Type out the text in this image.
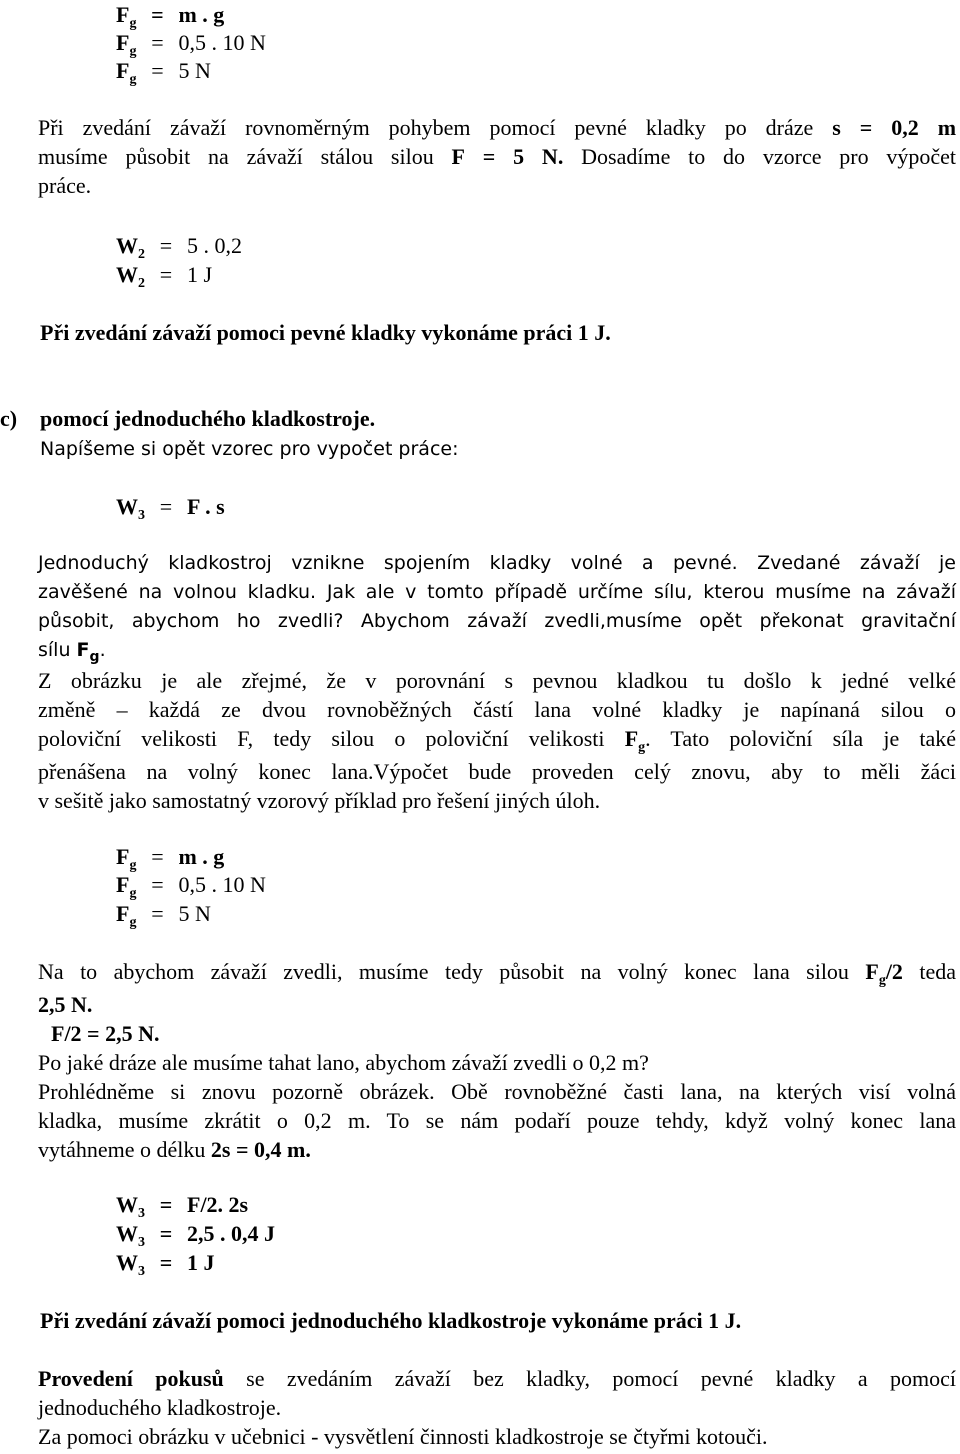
$F_g = m$ . g
$F_g = 0,5$ . 10 N
$F_g = 5$ N

Při zvedání závaží rovnoměrným pohybem pomocí pevné kladky po dráze s = 0,2 m

musíme působit na závaží stálou silou F = 5 N. Dosadíme to do vzorce pro výpočet

práce.

$W_2 = 5$ . 0,2
$W_2 = 1$ J
Při zvedání závaží pomoci pevné kladky vykonáme práci 1 J.
c) pomocí jednoduchého kladkostroje.
Napíšeme si opět vzorec pro vypočet práce:
$W_3 = F$ . s

Jednoduchý kladkostroj vznikne spojením kladky volné a pevné. Zvedané závaží je

zavěšené na volnou kladku. Jak ale v tomto případě určíme sílu, kterou musíme na závaží

působit, abychom ho zvedli? Abychom závaží zvedli,musíme opět překonat gravitační

sílu $F_g$.

Z obrázku je ale zřejmé, že v porovnání s pevnou kladkou tu došlo k jedné velké

změně – každá ze dvou rovnoběžných částí lana volné kladky je napínaná silou o

poloviční velikosti F, tedy silou o poloviční velikosti $F_g$. Tato poloviční síla je také

přenášena na volný konec lana.Výpočet bude proveden celý znovu, aby to měli žáci

v sešitě jako samostatný vzorový příklad pro řešení jiných úloh.

$F_g = m$ . g
$F_g = 0,5$ . 10 N
$F_g = 5$ N

Na to abychom závaží zvedli, musíme tedy působit na volný konec lana silou $F_g/2$ teda

2,5 N.

F/2 = 2,5 N.

Po jaké dráze ale musíme tahat lano, abychom závaží zvedli o 0,2 m?

Prohlédněme si znovu pozorně obrázek. Obě rovnoběžné časti lana, na kterých visí volná

kladka, musíme zkrátit o 0,2 m. To se nám podaří pouze tehdy, když volný konec lana

vytáhneme o délku 2s = 0,4 m.

$W_3 = F/2$. 2s
$W_3 = 2,5$ . 0,4 J
$W_3 = 1$ J
Při zvedání závaží pomoci jednoduchého kladkostroje vykonáme práci 1 J.

Provedení pokusů se zvedáním závaží bez kladky, pomocí pevné kladky a pomocí

jednoduchého kladkostroje.

Za pomoci obrázku v učebnici - vysvětlení činnosti kladkostroje se čtyřmi kotouči.
